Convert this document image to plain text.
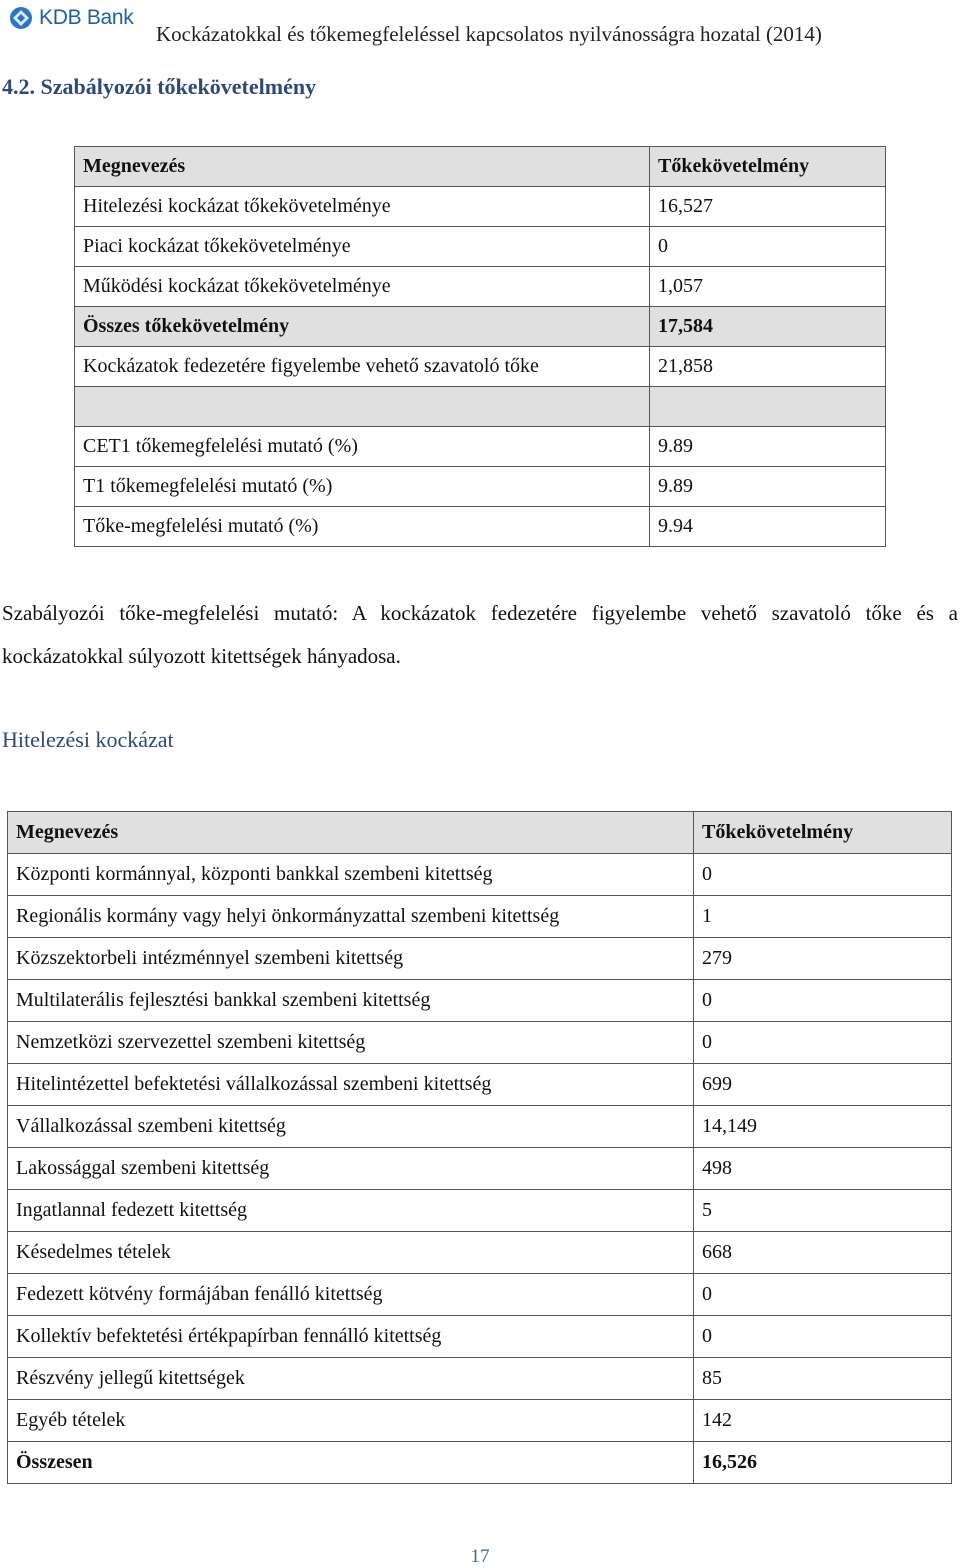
KDB Bank
Kockázatokkal és tőkemegfeleléssel kapcsolatos nyilvánosságra hozatal (2014)
4.2. Szabályozói tőkekövetelmény
Megnevezés	Tőkekövetelmény
Hitelezési kockázat tőkekövetelménye	16,527
Piaci kockázat tőkekövetelménye	0
Működési kockázat tőkekövetelménye	1,057
Összes tőkekövetelmény	17,584
Kockázatok fedezetére figyelembe vehető szavatoló tőke	21,858

CET1 tőkemegfelelési mutató (%)	9.89
T1 tőkemegfelelési mutató (%)	9.89
Tőke-megfelelési mutató (%)	9.94
Szabályozói tőke-megfelelési mutató: A kockázatok fedezetére figyelembe vehető szavatoló tőke és a kockázatokkal súlyozott kitettségek hányadosa.
Hitelezési kockázat
Megnevezés	Tőkekövetelmény
Központi kormánnyal, központi bankkal szembeni kitettség	0
Regionális kormány vagy helyi önkormányzattal szembeni kitettség	1
Közszektorbeli intézménnyel szembeni kitettség	279
Multilaterális fejlesztési bankkal szembeni kitettség	0
Nemzetközi szervezettel szembeni kitettség	0
Hitelintézettel befektetési vállalkozással szembeni kitettség	699
Vállalkozással szembeni kitettség	14,149
Lakossággal szembeni kitettség	498
Ingatlannal fedezett kitettség	5
Késedelmes tételek	668
Fedezett kötvény formájában fenálló kitettség	0
Kollektív befektetési értékpapírban fennálló kitettség	0
Részvény jellegű kitettségek	85
Egyéb tételek	142
Összesen	16,526
17
